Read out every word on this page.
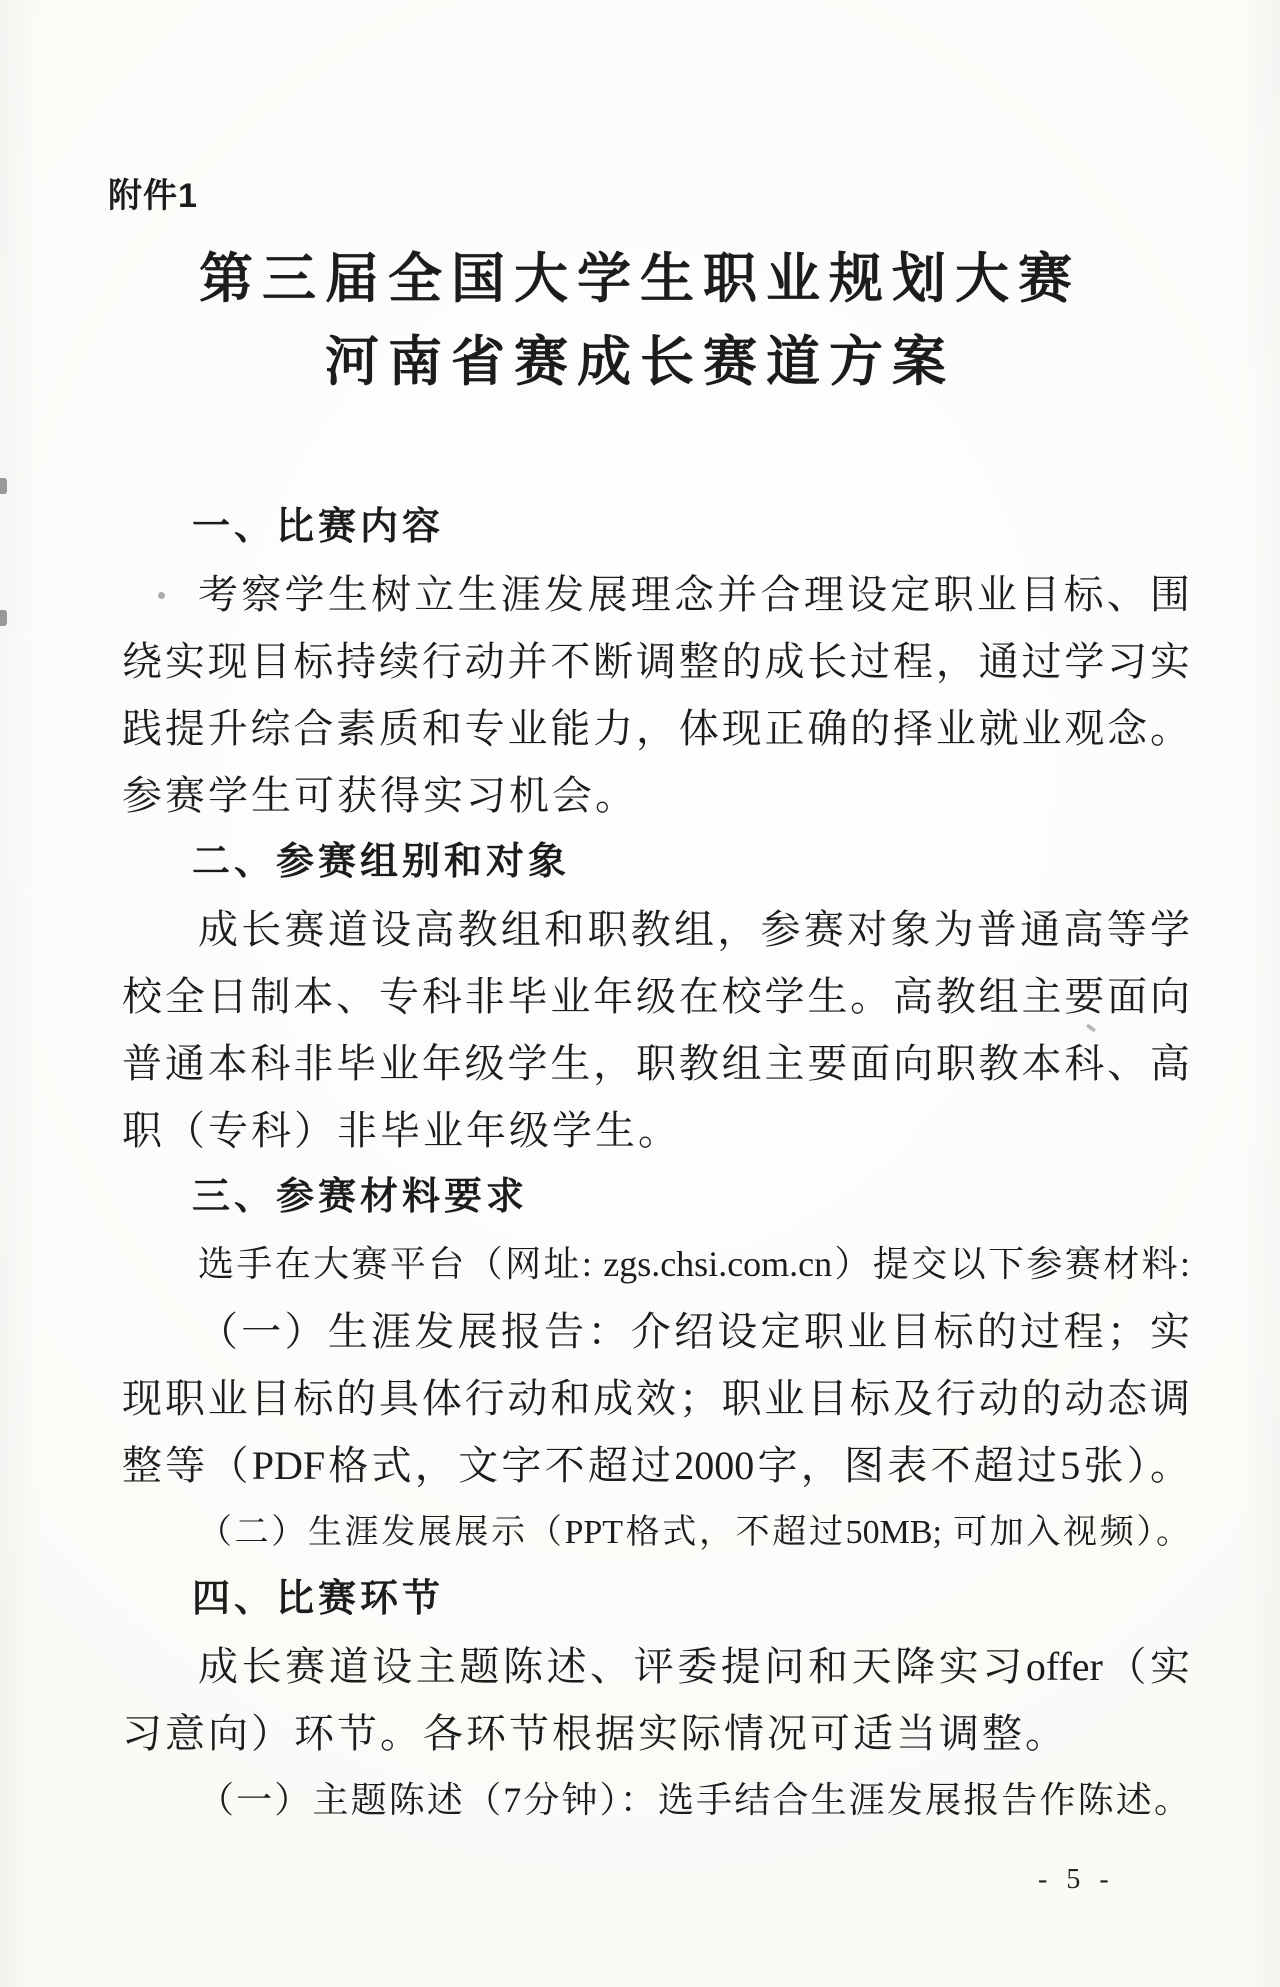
附件1
第三届全国大学生职业规划大赛
河南省赛成长赛道方案
一、比赛内容
考察学生树立生涯发展理念并合理设定职业目标、围
绕实现目标持续行动并不断调整的成长过程，通过学习实
践提升综合素质和专业能力，体现正确的择业就业观念。
参赛学生可获得实习机会。
二、参赛组别和对象
成长赛道设高教组和职教组，参赛对象为普通高等学
校全日制本、专科非毕业年级在校学生。高教组主要面向
普通本科非毕业年级学生，职教组主要面向职教本科、高
职（专科）非毕业年级学生。
三、参赛材料要求
选手在大赛平台（网址: zgs.chsi.com.cn）提交以下参赛材料:
（一）生涯发展报告：介绍设定职业目标的过程；实
现职业目标的具体行动和成效；职业目标及行动的动态调
整等（PDF格式，文字不超过2000字，图表不超过5张）。
（二）生涯发展展示（PPT格式，不超过50MB; 可加入视频）。
四、比赛环节
成长赛道设主题陈述、评委提问和天降实习offer（实
习意向）环节。各环节根据实际情况可适当调整。
（一）主题陈述（7分钟）：选手结合生涯发展报告作陈述。
- 5 -
